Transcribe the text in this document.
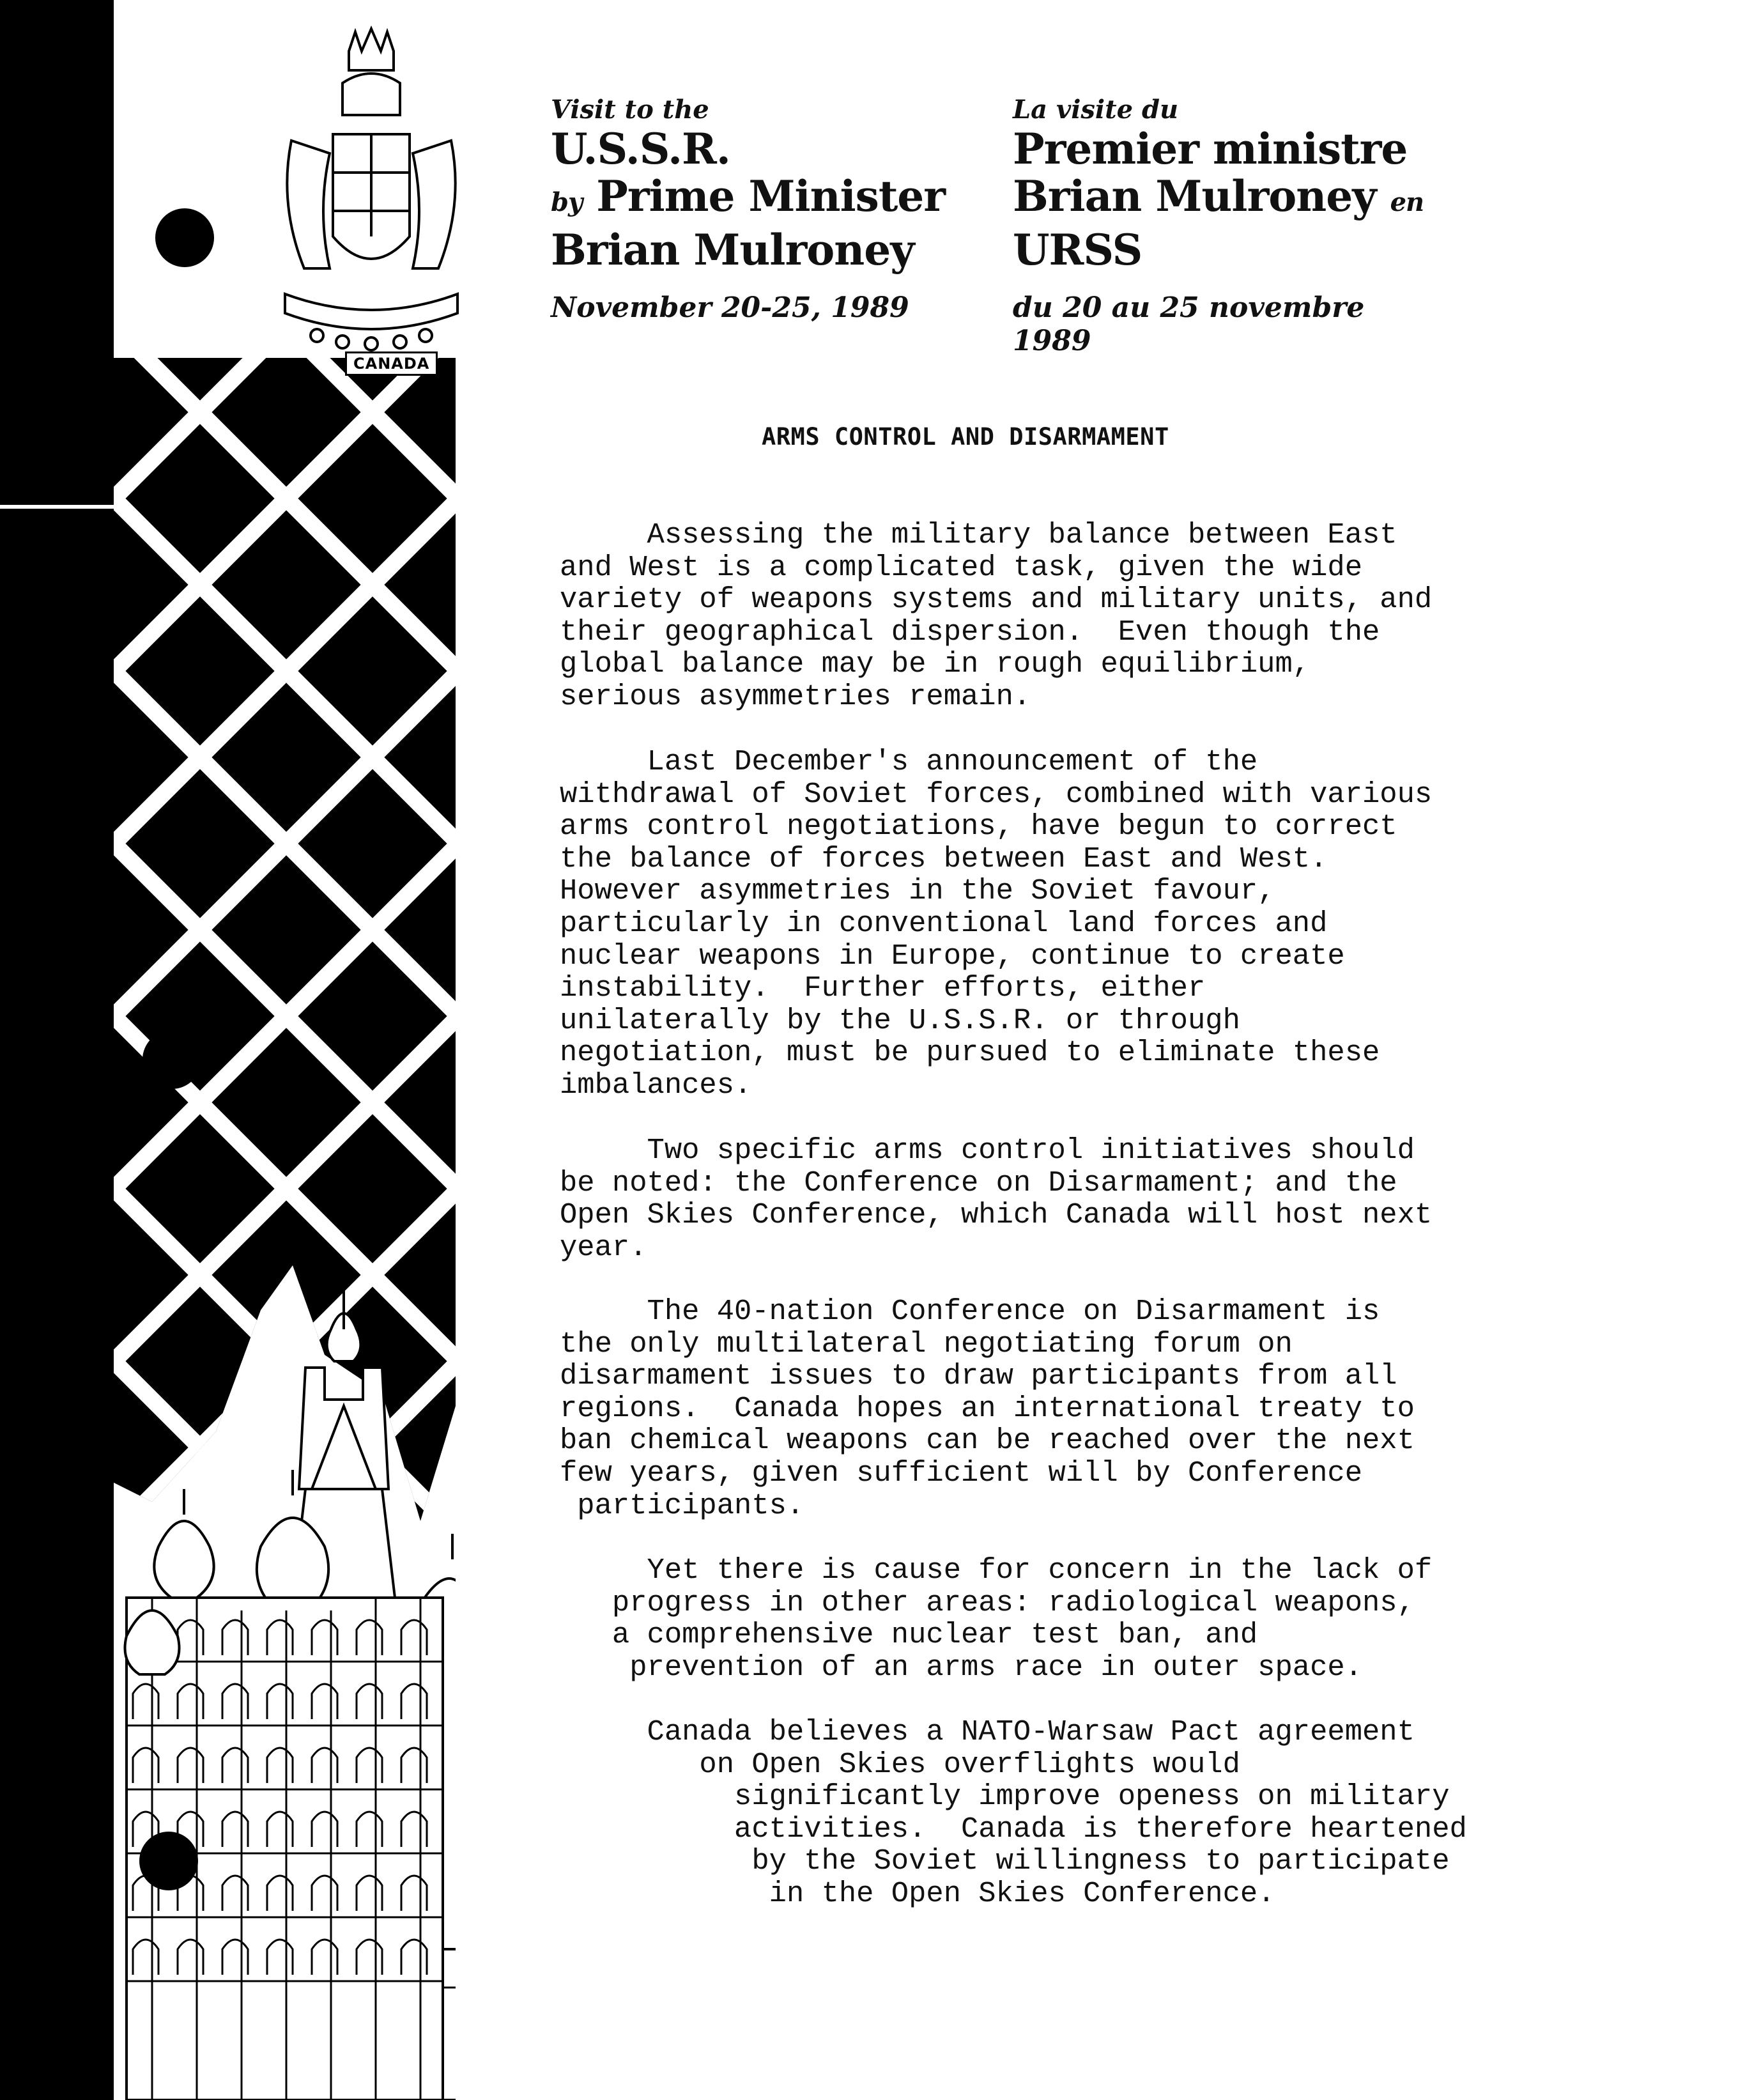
CANADA
Visit to the
U.S.S.R.
by Prime Minister
Brian Mulroney
November 20-25, 1989
La visite du
Premier ministre
Brian Mulroney en
URSS
du 20 au 25 novembre 1989
ARMS CONTROL AND DISARMAMENT
Assessing the military balance between East
and West is a complicated task, given the wide
variety of weapons systems and military units, and
their geographical dispersion.  Even though the
global balance may be in rough equilibrium,
serious asymmetries remain.
Last December's announcement of the
withdrawal of Soviet forces, combined with various
arms control negotiations, have begun to correct
the balance of forces between East and West.
However asymmetries in the Soviet favour,
particularly in conventional land forces and
nuclear weapons in Europe, continue to create
instability.  Further efforts, either
unilaterally by the U.S.S.R. or through
negotiation, must be pursued to eliminate these
imbalances.
Two specific arms control initiatives should
be noted: the Conference on Disarmament; and the
Open Skies Conference, which Canada will host next
year.
The 40-nation Conference on Disarmament is
the only multilateral negotiating forum on
disarmament issues to draw participants from all
regions.  Canada hopes an international treaty to
ban chemical weapons can be reached over the next
few years, given sufficient will by Conference
participants.
Yet there is cause for concern in the lack of
progress in other areas: radiological weapons,
a comprehensive nuclear test ban, and
prevention of an arms race in outer space.
Canada believes a NATO-Warsaw Pact agreement
on Open Skies overflights would
significantly improve openess on military
activities.  Canada is therefore heartened
by the Soviet willingness to participate
in the Open Skies Conference.
